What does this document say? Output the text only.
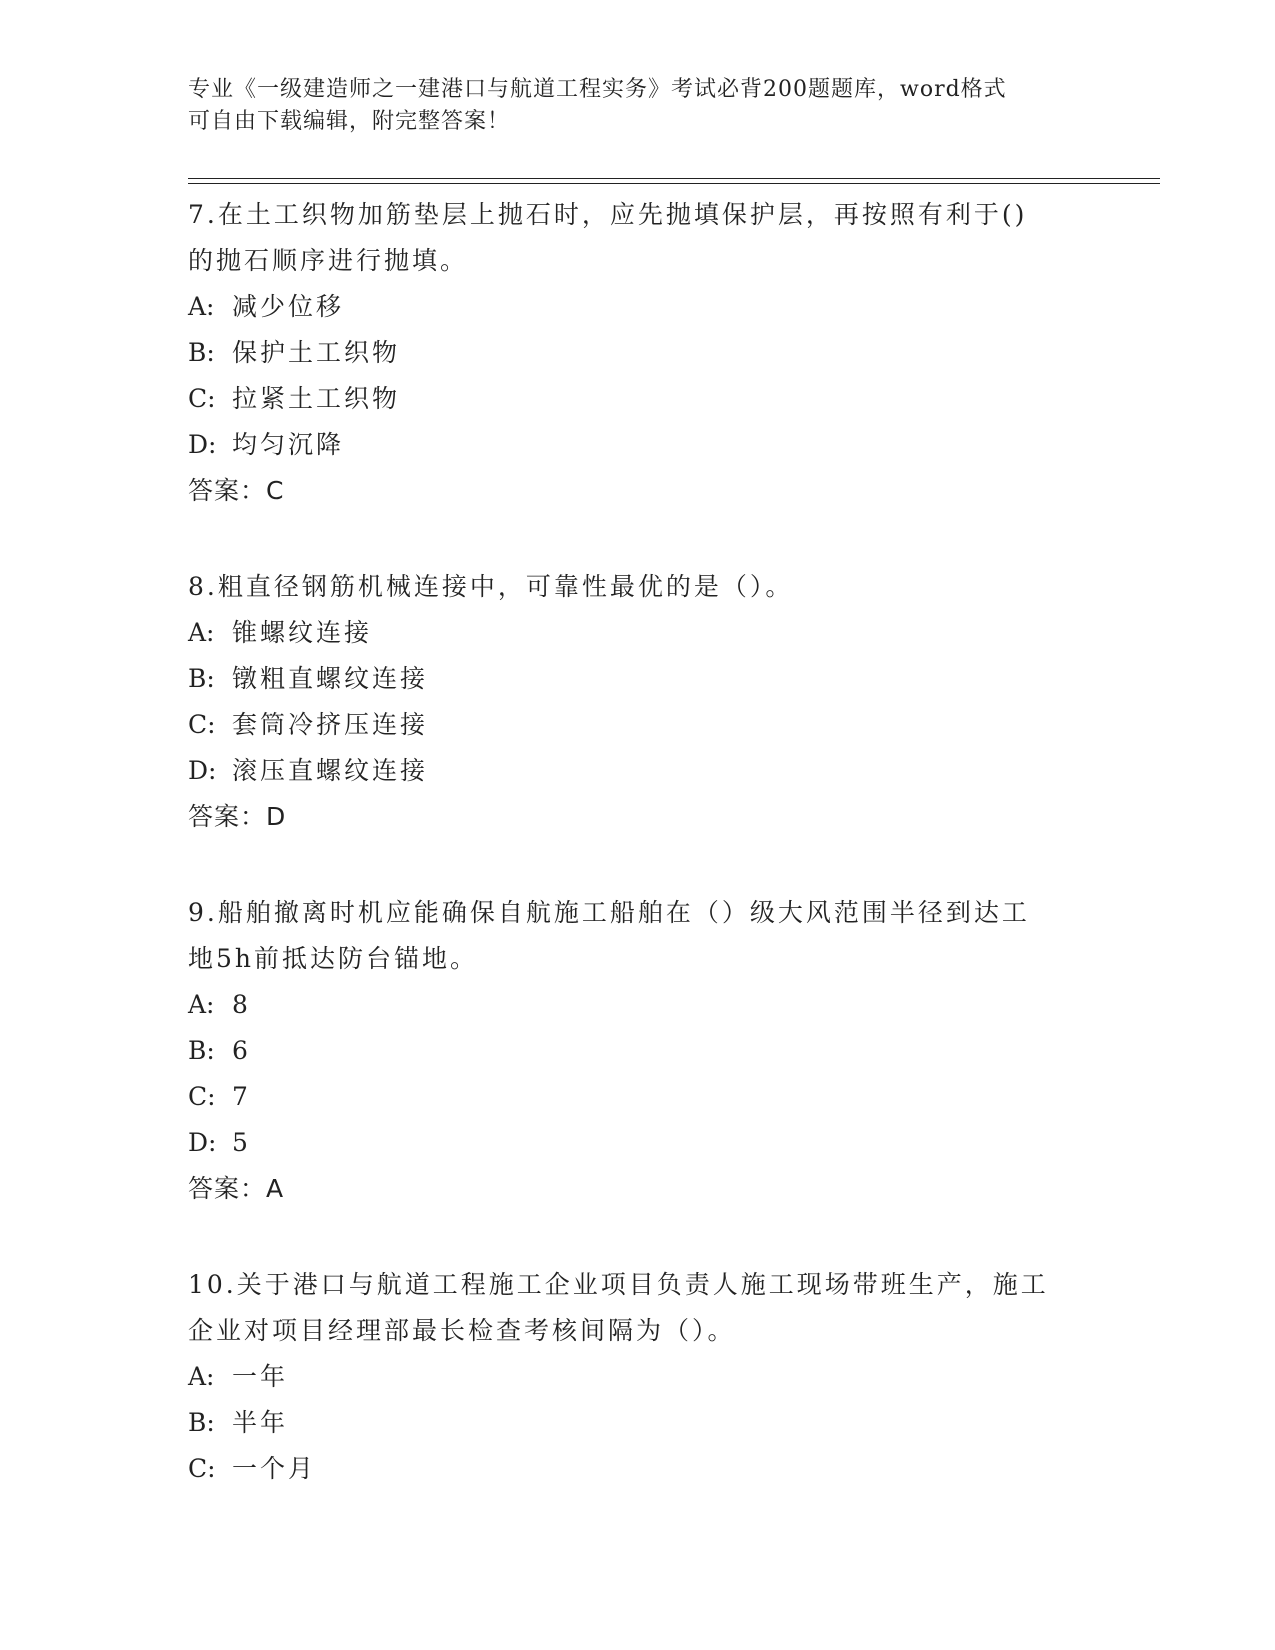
专业《一级建造师之一建港口与航道工程实务》考试必背200题题库，word格式
可自由下载编辑，附完整答案！

7.在土工织物加筋垫层上抛石时，应先抛填保护层，再按照有利于()
的抛石顺序进行抛填。

A: 减少位移

B: 保护土工织物

C: 拉紧土工织物

D: 均匀沉降

答案：C

8.粗直径钢筋机械连接中，可靠性最优的是（）。

A: 锥螺纹连接

B: 镦粗直螺纹连接

C: 套筒冷挤压连接

D: 滚压直螺纹连接

答案：D

9.船舶撤离时机应能确保自航施工船舶在（）级大风范围半径到达工
地5h前抵达防台锚地。

A: 8

B: 6

C: 7

D: 5

答案：A

10.关于港口与航道工程施工企业项目负责人施工现场带班生产，施工
企业对项目经理部最长检查考核间隔为（）。

A: 一年

B: 半年

C: 一个月
